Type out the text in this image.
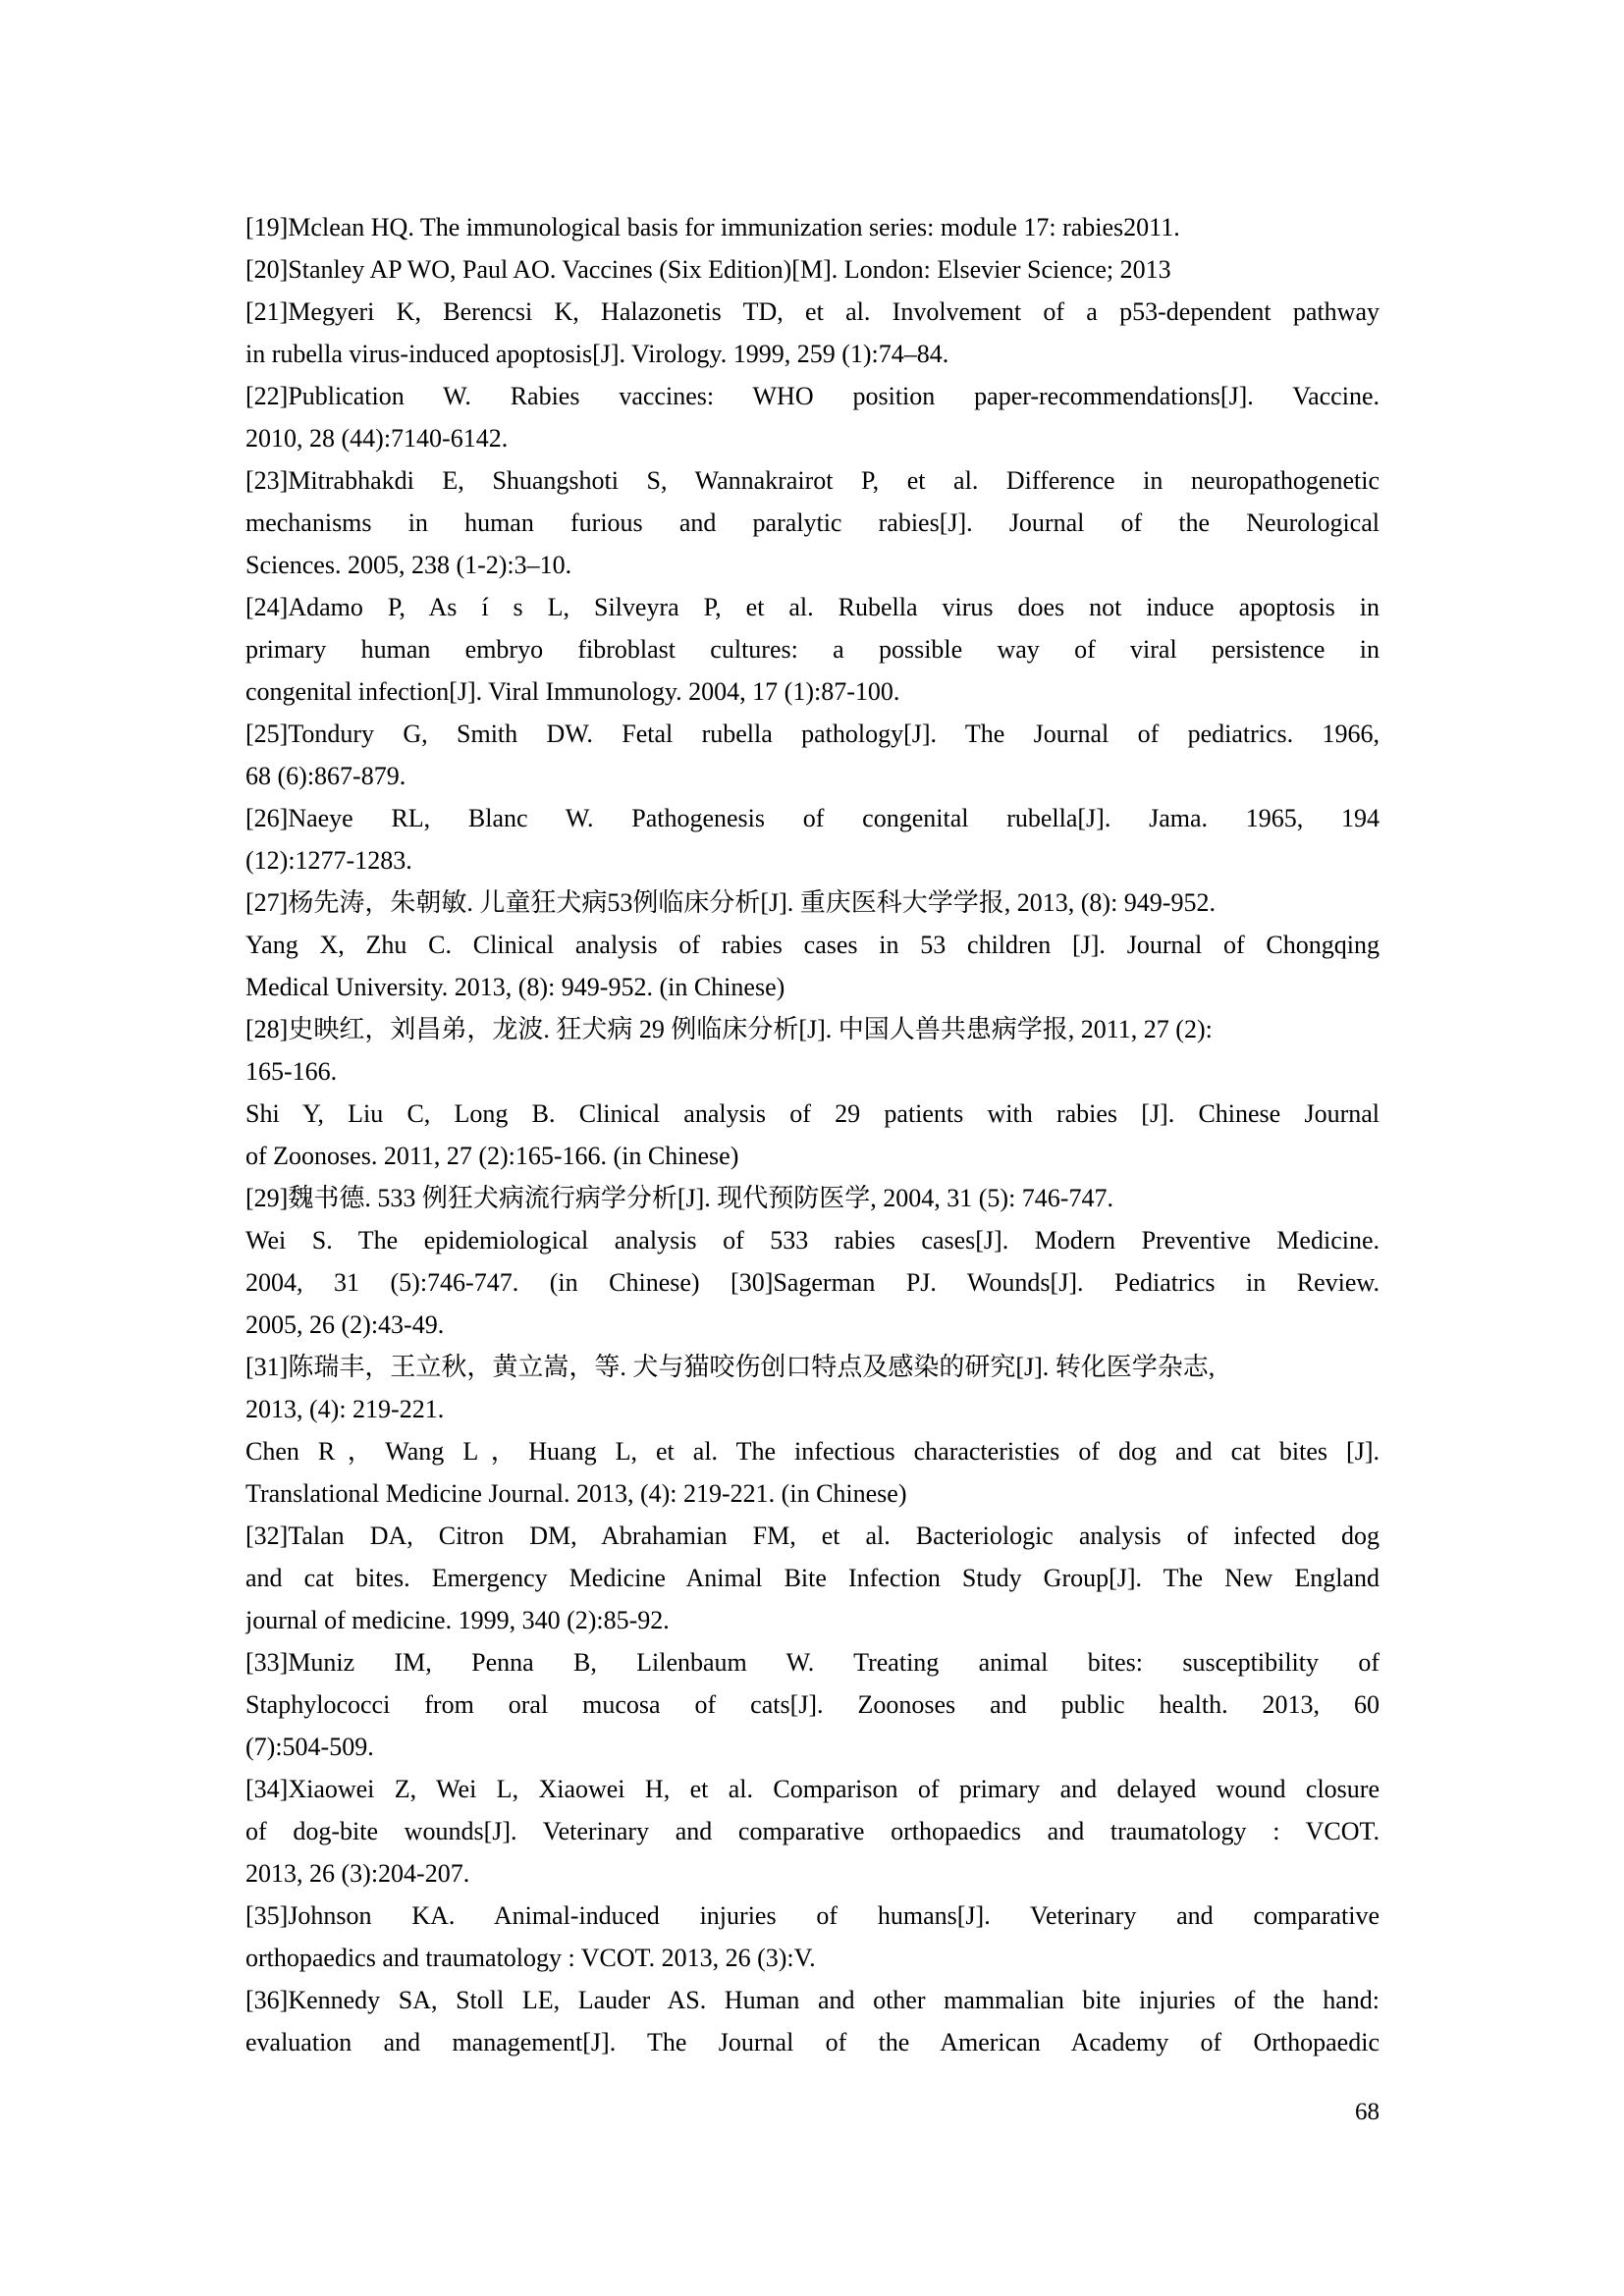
[19]Mclean HQ. The immunological basis for immunization series: module 17: rabies2011.
[20]Stanley AP WO, Paul AO. Vaccines (Six Edition)[M]. London: Elsevier Science; 2013
[21]Megyeri K, Berencsi K, Halazonetis TD, et al. Involvement of a p53-dependent pathway
in rubella virus-induced apoptosis[J]. Virology. 1999, 259 (1):74–84.
[22]Publication W. Rabies vaccines: WHO position paper-recommendations[J]. Vaccine.
2010, 28 (44):7140-6142.
[23]Mitrabhakdi E, Shuangshoti S, Wannakrairot P, et al. Difference in neuropathogenetic
mechanisms in human furious and paralytic rabies[J]. Journal of the Neurological
Sciences. 2005, 238 (1-2):3–10.
[24]Adamo P, As í s L, Silveyra P, et al. Rubella virus does not induce apoptosis in
primary human embryo fibroblast cultures: a possible way of viral persistence in
congenital infection[J]. Viral Immunology. 2004, 17 (1):87-100.
[25]Tondury G, Smith DW. Fetal rubella pathology[J]. The Journal of pediatrics. 1966,
68 (6):867-879.
[26]Naeye RL, Blanc W. Pathogenesis of congenital rubella[J]. Jama. 1965, 194
(12):1277-1283.
[27]杨先涛，朱朝敏. 儿童狂犬病53例临床分析[J]. 重庆医科大学学报, 2013, (8): 949-952.
Yang X, Zhu C. Clinical analysis of rabies cases in 53 children [J]. Journal of Chongqing
Medical University. 2013, (8): 949-952. (in Chinese)
[28]史映红，刘昌弟，龙波. 狂犬病 29 例临床分析[J]. 中国人兽共患病学报, 2011, 27 (2):
165-166.
Shi Y, Liu C, Long B. Clinical analysis of 29 patients with rabies [J]. Chinese Journal
of Zoonoses. 2011, 27 (2):165-166. (in Chinese)
[29]魏书德. 533 例狂犬病流行病学分析[J]. 现代预防医学, 2004, 31 (5): 746-747.
Wei S. The epidemiological analysis of 533 rabies cases[J]. Modern Preventive Medicine.
2004, 31 (5):746-747. (in Chinese) [30]Sagerman PJ. Wounds[J]. Pediatrics in Review.
2005, 26 (2):43-49.
[31]陈瑞丰，王立秋，黄立嵩，等. 犬与猫咬伤创口特点及感染的研究[J]. 转化医学杂志,
2013, (4): 219-221.
Chen R，Wang L，Huang L, et al. The infectious characteristies of dog and cat bites [J].
Translational Medicine Journal. 2013, (4): 219-221. (in Chinese)
[32]Talan DA, Citron DM, Abrahamian FM, et al. Bacteriologic analysis of infected dog
and cat bites. Emergency Medicine Animal Bite Infection Study Group[J]. The New England
journal of medicine. 1999, 340 (2):85-92.
[33]Muniz IM, Penna B, Lilenbaum W. Treating animal bites: susceptibility of
Staphylococci from oral mucosa of cats[J]. Zoonoses and public health. 2013, 60
(7):504-509.
[34]Xiaowei Z, Wei L, Xiaowei H, et al. Comparison of primary and delayed wound closure
of dog-bite wounds[J]. Veterinary and comparative orthopaedics and traumatology : VCOT.
2013, 26 (3):204-207.
[35]Johnson KA. Animal-induced injuries of humans[J]. Veterinary and comparative
orthopaedics and traumatology : VCOT. 2013, 26 (3):V.
[36]Kennedy SA, Stoll LE, Lauder AS. Human and other mammalian bite injuries of the hand:
evaluation and management[J]. The Journal of the American Academy of Orthopaedic
68
